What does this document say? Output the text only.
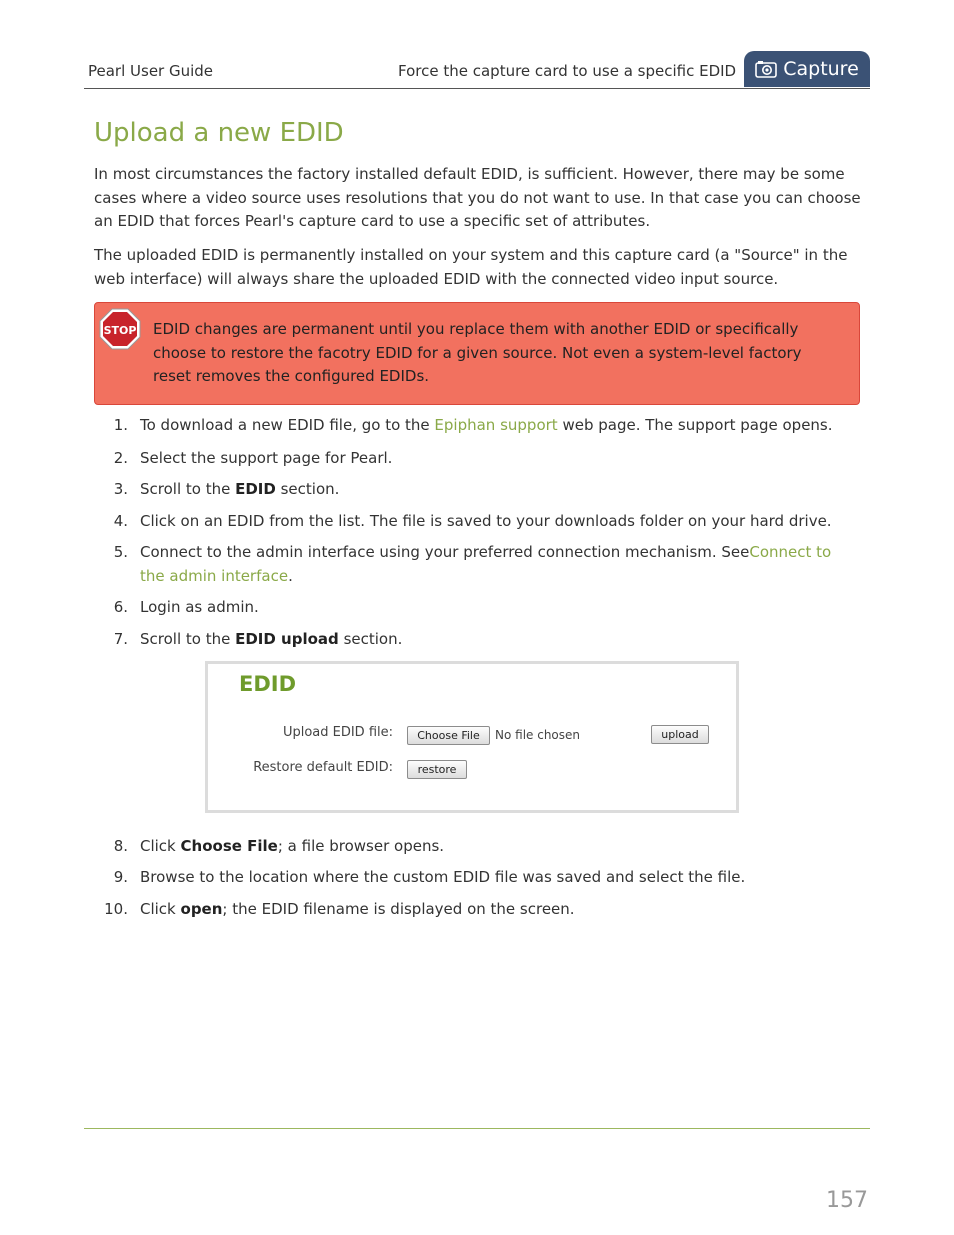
Pearl User Guide	Force the capture card to use a specific EDID Capture
Upload a new EDID

In most circumstances the factory installed default EDID, is sufficient. However, there may be some cases where a video source uses resolutions that you do not want to use. In that case you can choose an EDID that forces Pearl's capture card to use a specific set of attributes.

The uploaded EDID is permanently installed on your system and this capture card (a "Source" in the web interface) will always share the uploaded EDID with the connected video input source.

STOP EDID changes are permanent until you replace them with another EDID or specifically choose to restore the facotry EDID for a given source. Not even a system-level factory reset removes the configured EDIDs.
1. To download a new EDID file, go to the Epiphan support web page. The support page opens.
2. Select the support page for Pearl.
3. Scroll to the EDID section.
4. Click on an EDID from the list. The file is saved to your downloads folder on your hard drive.
5. Connect to the admin interface using your preferred connection mechanism. SeeConnect to the admin interface.
6. Login as admin.
7. Scroll to the EDID upload section.
EDID
Upload EDID file:	Choose File	No file chosen	upload
Restore default EDID:	restore
8. Click Choose File; a file browser opens.
9. Browse to the location where the custom EDID file was saved and select the file.
10. Click open; the EDID filename is displayed on the screen.
157
